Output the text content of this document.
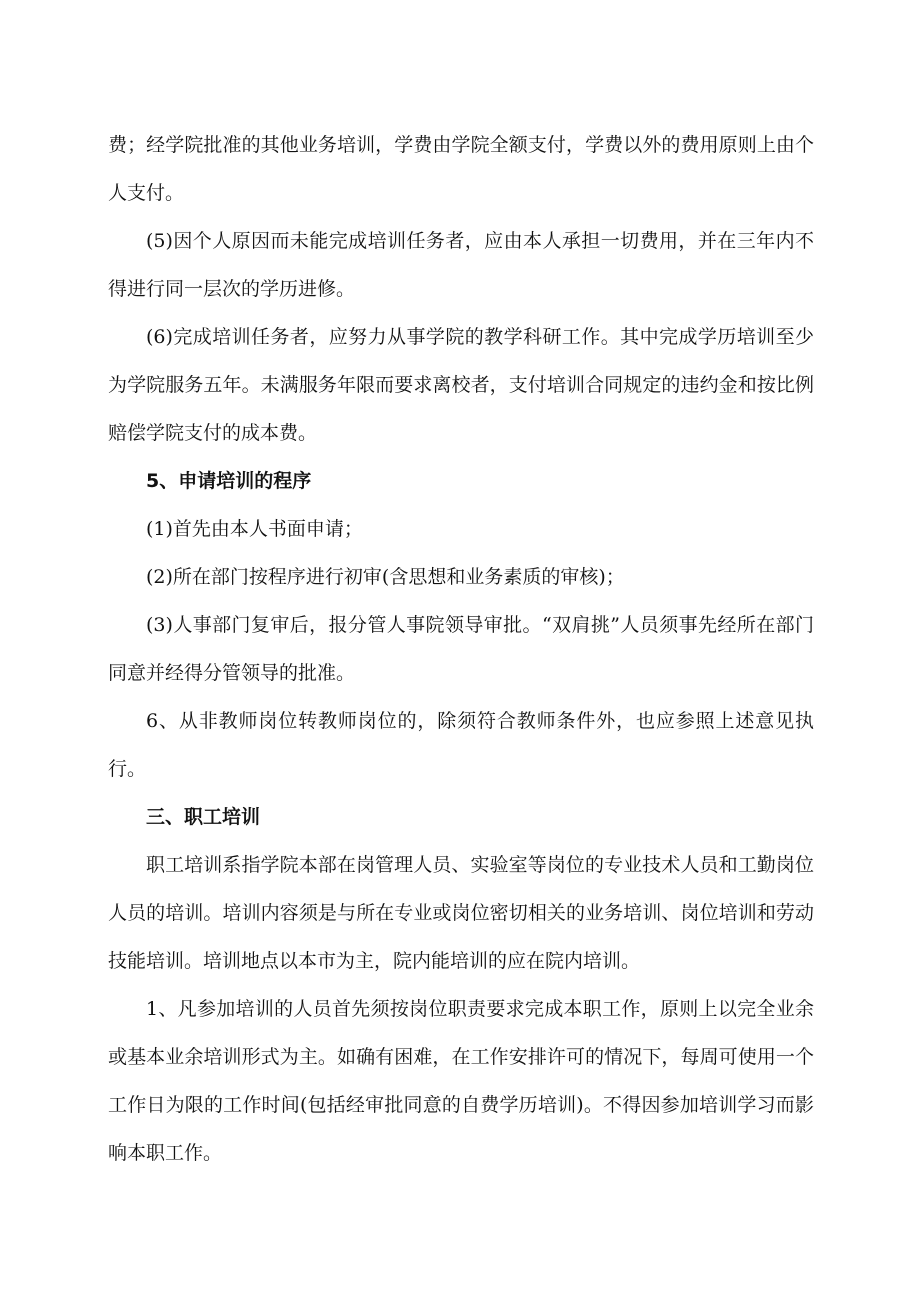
费；经学院批准的其他业务培训，学费由学院全额支付，学费以外的费用原则上由个人支付。

(5)因个人原因而未能完成培训任务者，应由本人承担一切费用，并在三年内不得进行同一层次的学历进修。

(6)完成培训任务者，应努力从事学院的教学科研工作。其中完成学历培训至少为学院服务五年。未满服务年限而要求离校者，支付培训合同规定的违约金和按比例赔偿学院支付的成本费。

5、申请培训的程序

(1)首先由本人书面申请；

(2)所在部门按程序进行初审(含思想和业务素质的审核)；

(3)人事部门复审后，报分管人事院领导审批。“双肩挑”人员须事先经所在部门同意并经得分管领导的批准。

6、从非教师岗位转教师岗位的，除须符合教师条件外，也应参照上述意见执行。

三、职工培训

职工培训系指学院本部在岗管理人员、实验室等岗位的专业技术人员和工勤岗位人员的培训。培训内容须是与所在专业或岗位密切相关的业务培训、岗位培训和劳动技能培训。培训地点以本市为主，院内能培训的应在院内培训。

1、凡参加培训的人员首先须按岗位职责要求完成本职工作，原则上以完全业余或基本业余培训形式为主。如确有困难，在工作安排许可的情况下，每周可使用一个工作日为限的工作时间(包括经审批同意的自费学历培训)。不得因参加培训学习而影响本职工作。
